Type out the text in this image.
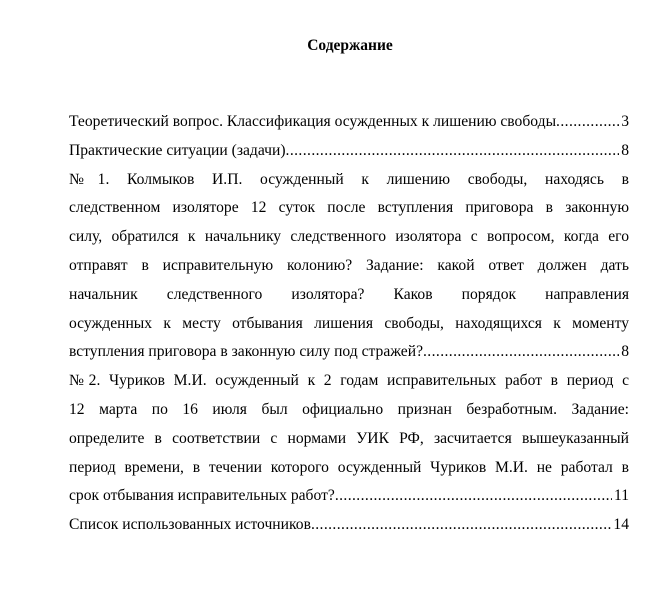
Содержание
Теоретический вопрос. Классификация осужденных к лишению свободы .....	3
Практические ситуации (задачи) .....	8
№1. Колмыков И.П. осужденный к лишению свободы, находясь в
следственном изоляторе 12 суток после вступления приговора в законную
силу, обратился к начальнику следственного изолятора с вопросом, когда его
отправят в исправительную колонию? Задание: какой ответ должен дать
начальник следственного изолятора? Каков порядок направления
осужденных к месту отбывания лишения свободы, находящихся к моменту
вступления приговора в законную силу под стражей? .....	8
№2. Чуриков М.И. осужденный к 2 годам исправительных работ в период с
12 марта по 16 июля был официально признан безработным. Задание:
определите в соответствии с нормами УИК РФ, засчитается вышеуказанный
период времени, в течении которого осужденный Чуриков М.И. не работал в
срок отбывания исправительных работ? .....	11
Список использованных источников .....	14
